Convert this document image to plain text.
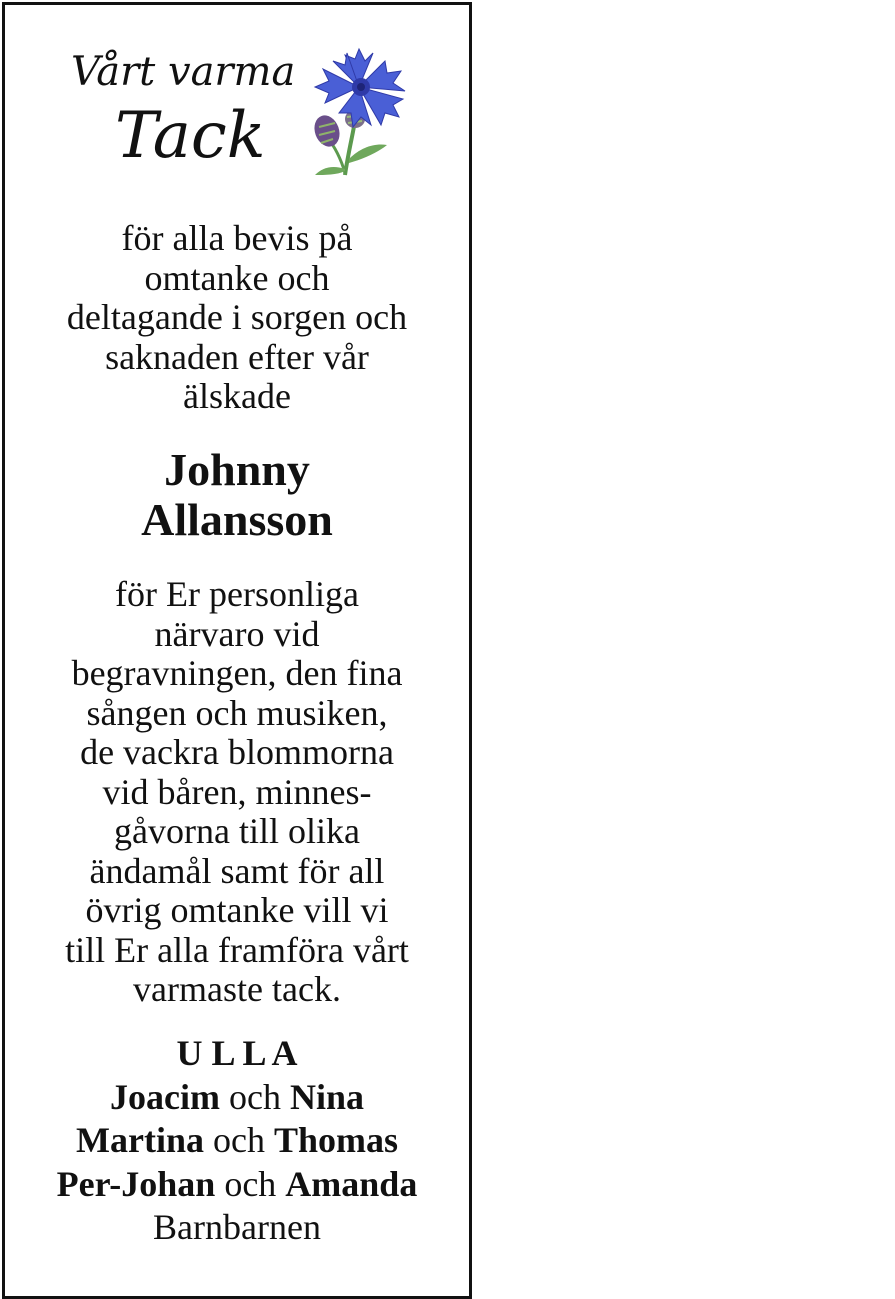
Vårt varma
Tack
för alla bevis på
omtanke och
deltagande i sorgen och
saknaden efter vår
älskade
Johnny
Allansson
för Er personliga
närvaro vid
begravningen, den fina
sången och musiken,
de vackra blommorna
vid båren, minnes-
gåvorna till olika
ändamål samt för all
övrig omtanke vill vi
till Er alla framföra vårt
varmaste tack.
U L L A
Joacim och Nina
Martina och Thomas
Per-Johan och Amanda
Barnbarnen
